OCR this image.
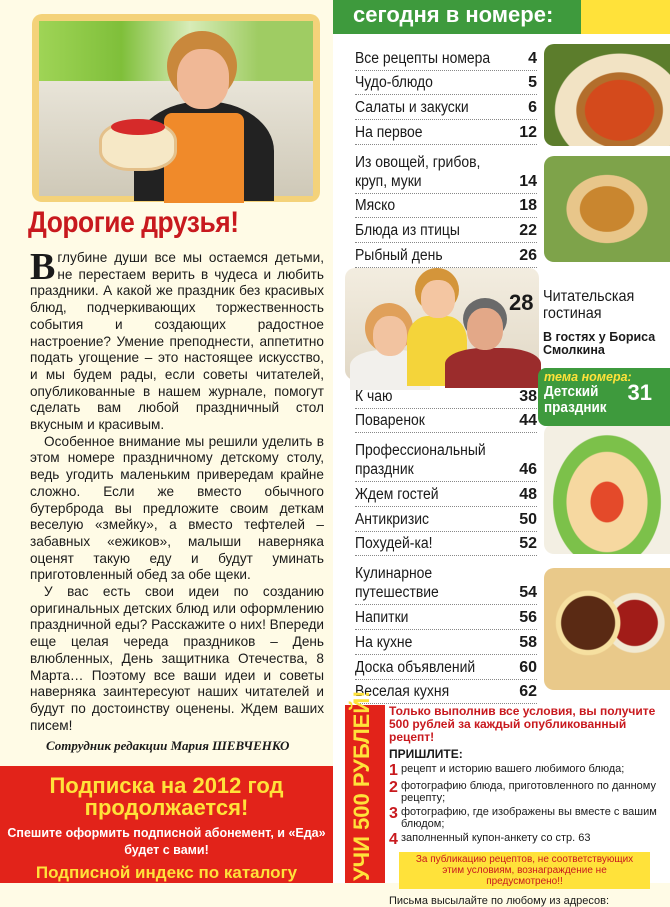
Дорогие друзья!

Вглубине души все мы остаемся детьми, не перестаем верить в чудеса и любить праздники. А какой же праздник без красивых блюд, подчеркивающих торжественность события и создающих радостное настроение? Умение преподнести, аппетитно подать угощение – это настоящее искусство, и мы будем рады, если советы читателей, опубликованные в нашем журнале, помогут сделать вам любой праздничный стол вкусным и красивым.

Особенное внимание мы решили уделить в этом номере праздничному детскому столу, ведь угодить маленьким привередам крайне сложно. Если же вместо обычного бутерброда вы предложите своим деткам веселую «змейку», а вместо тефтелей – забавных «ежиков», малыши наверняка оценят такую еду и будут уминать приготовленный обед за обе щеки.

У вас есть свои идеи по созданию оригинальных детских блюд или оформлению праздничной еды? Расскажите о них! Впереди еще целая череда праздников – День влюбленных, День защитника Отечества, 8 Марта… Поэтому все ваши идеи и советы наверняка заинтересуют наших читателей и будут по достоинству оценены. Ждем ваших писем!

Сотрудник редакции Мария ШЕВЧЕНКО
Подписка на 2012 год продолжается!
Спешите оформить подписной абонемент, и «Еда» будет с вами!
Подписной индекс по каталогу
сегодня в номере:
Все рецепты номера 4
Чудо-блюдо	5
Салаты и закуски	6
На первое	12
Из овощей, грибов,
круп, муки	14
Мяско	18
Блюда из птицы	22
Рыбный день	26
28 Читательская гостиная
В гостях у Бориса Смолкина
тема номера:
Детский праздник
31
К чаю	38
Поваренок	44
Профессиональный
праздник	46
Ждем гостей	48
Антикризис	50
Похудей-ка!	52
Кулинарное
путешествие	54
Напитки	56
На кухне	58
Доска объявлений	60
Веселая кухня	62
УЧИ 500 РУБЛЕЙ! Только выполнив все условия, вы получите 500 рублей за каждый опубликованный рецепт!
ПРИШЛИТЕ:
1 рецепт и историю вашего любимого блюда;
2 фотографию блюда, приготовленного по данному рецепту;
3 фотографию, где изображены вы вместе с вашим блюдом;
4 заполненный купон-анкету со стр. 63
За публикацию рецептов, не соответствующих этим условиям, вознаграждение не предусмотрено!!
Письма высылайте по любому из адресов:
